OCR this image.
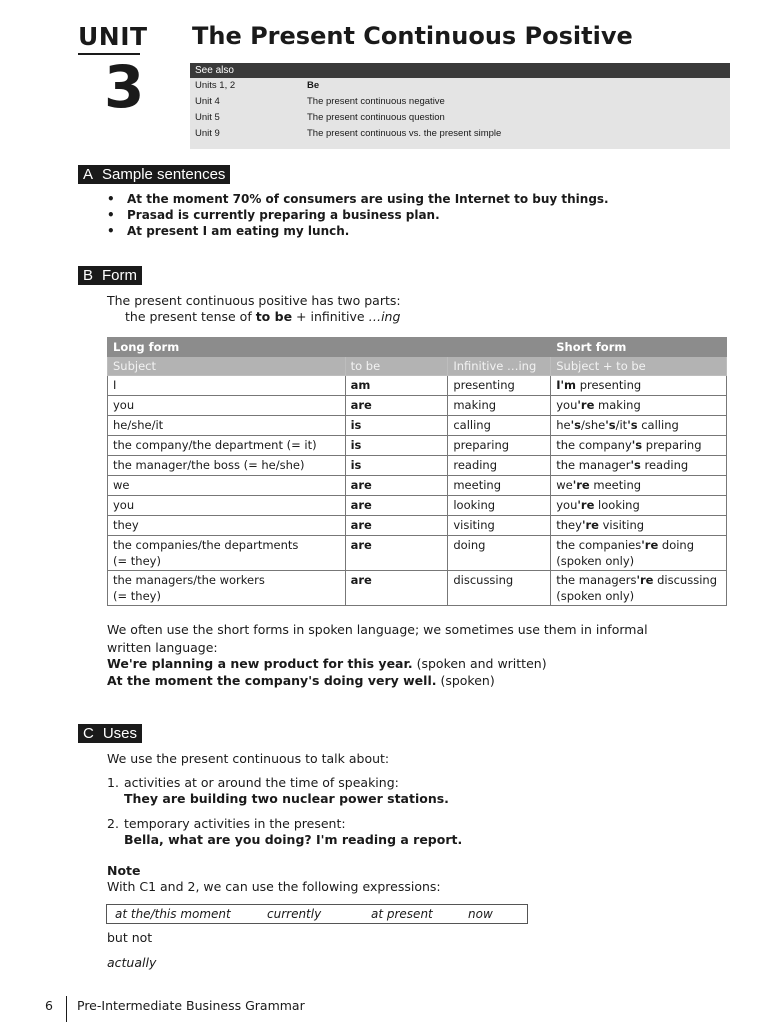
UNIT
3
The Present Continuous Positive
See also
Units 1, 2	Be
Unit 4	The present continuous negative
Unit 5	The present continuous question
Unit 9	The present continuous vs. the present simple
A Sample sentences
• At the moment 70% of consumers are using the Internet to buy things.
• Prasad is currently preparing a business plan.
• At present I am eating my lunch.
B Form
The present continuous positive has two parts:
the present tense of to be + infinitive …ing
Long form			Short form
Subject	to be	Infinitive …ing	Subject + to be
I	am	presenting	I'm presenting
you	are	making	you're making
he/she/it	is	calling	he's/she's/it's calling
the company/the department (= it)	is	preparing	the company's preparing
the manager/the boss (= he/she)	is	reading	the manager's reading
we	are	meeting	we're meeting
you	are	looking	you're looking
they	are	visiting	they're visiting
the companies/the departments
(= they)	are	doing	the companies're doing
(spoken only)
the managers/the workers
(= they)	are	discussing	the managers're discussing
(spoken only)
We often use the short forms in spoken language; we sometimes use them in informal
written language:
We're planning a new product for this year. (spoken and written)
At the moment the company's doing very well. (spoken)
C Uses
We use the present continuous to talk about:
1. activities at or around the time of speaking:
They are building two nuclear power stations.
2. temporary activities in the present:
Bella, what are you doing? I'm reading a report.
Note
With C1 and 2, we can use the following expressions:
at the/this moment	currently	at present	now
but not
actually
6 Pre-Intermediate Business Grammar
